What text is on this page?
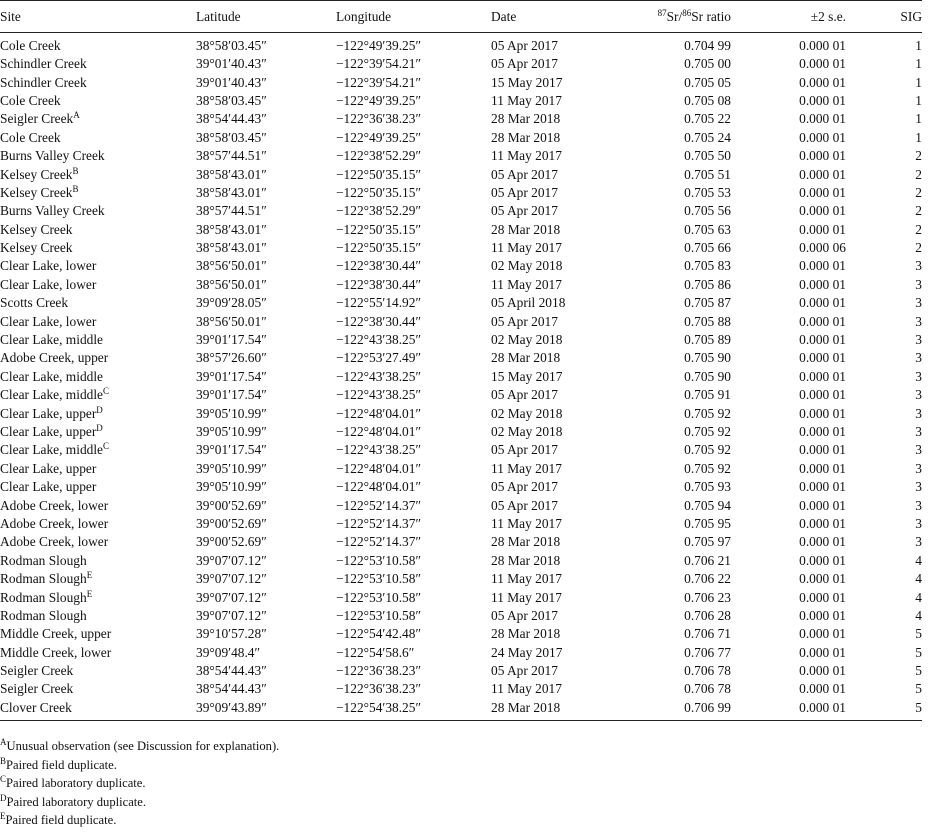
Site	Latitude	Longitude	Date	$^{87}$Sr/$^{86}$Sr ratio	±2 s.e.	SIG
Cole Creek	38°58′03.45″	−122°49′39.25″	05 Apr 2017	0.704 99	0.000 01	1
Schindler Creek	39°01′40.43″	−122°39′54.21″	05 Apr 2017	0.705 00	0.000 01	1
Schindler Creek	39°01′40.43″	−122°39′54.21″	15 May 2017	0.705 05	0.000 01	1
Cole Creek	38°58′03.45″	−122°49′39.25″	11 May 2017	0.705 08	0.000 01	1
Seigler Creek$^A$	38°54′44.43″	−122°36′38.23″	28 Mar 2018	0.705 22	0.000 01	1
Cole Creek	38°58′03.45″	−122°49′39.25″	28 Mar 2018	0.705 24	0.000 01	1
Burns Valley Creek	38°57′44.51″	−122°38′52.29″	11 May 2017	0.705 50	0.000 01	2
Kelsey Creek$^B$	38°58′43.01″	−122°50′35.15″	05 Apr 2017	0.705 51	0.000 01	2
Kelsey Creek$^B$	38°58′43.01″	−122°50′35.15″	05 Apr 2017	0.705 53	0.000 01	2
Burns Valley Creek	38°57′44.51″	−122°38′52.29″	05 Apr 2017	0.705 56	0.000 01	2
Kelsey Creek	38°58′43.01″	−122°50′35.15″	28 Mar 2018	0.705 63	0.000 01	2
Kelsey Creek	38°58′43.01″	−122°50′35.15″	11 May 2017	0.705 66	0.000 06	2
Clear Lake, lower	38°56′50.01″	−122°38′30.44″	02 May 2018	0.705 83	0.000 01	3
Clear Lake, lower	38°56′50.01″	−122°38′30.44″	11 May 2017	0.705 86	0.000 01	3
Scotts Creek	39°09′28.05″	−122°55′14.92″	05 April 2018	0.705 87	0.000 01	3
Clear Lake, lower	38°56′50.01″	−122°38′30.44″	05 Apr 2017	0.705 88	0.000 01	3
Clear Lake, middle	39°01′17.54″	−122°43′38.25″	02 May 2018	0.705 89	0.000 01	3
Adobe Creek, upper	38°57′26.60″	−122°53′27.49″	28 Mar 2018	0.705 90	0.000 01	3
Clear Lake, middle	39°01′17.54″	−122°43′38.25″	15 May 2017	0.705 90	0.000 01	3
Clear Lake, middle$^C$	39°01′17.54″	−122°43′38.25″	05 Apr 2017	0.705 91	0.000 01	3
Clear Lake, upper$^D$	39°05′10.99″	−122°48′04.01″	02 May 2018	0.705 92	0.000 01	3
Clear Lake, upper$^D$	39°05′10.99″	−122°48′04.01″	02 May 2018	0.705 92	0.000 01	3
Clear Lake, middle$^C$	39°01′17.54″	−122°43′38.25″	05 Apr 2017	0.705 92	0.000 01	3
Clear Lake, upper	39°05′10.99″	−122°48′04.01″	11 May 2017	0.705 92	0.000 01	3
Clear Lake, upper	39°05′10.99″	−122°48′04.01″	05 Apr 2017	0.705 93	0.000 01	3
Adobe Creek, lower	39°00′52.69″	−122°52′14.37″	05 Apr 2017	0.705 94	0.000 01	3
Adobe Creek, lower	39°00′52.69″	−122°52′14.37″	11 May 2017	0.705 95	0.000 01	3
Adobe Creek, lower	39°00′52.69″	−122°52′14.37″	28 Mar 2018	0.705 97	0.000 01	3
Rodman Slough	39°07′07.12″	−122°53′10.58″	28 Mar 2018	0.706 21	0.000 01	4
Rodman Slough$^E$	39°07′07.12″	−122°53′10.58″	11 May 2017	0.706 22	0.000 01	4
Rodman Slough$^E$	39°07′07.12″	−122°53′10.58″	11 May 2017	0.706 23	0.000 01	4
Rodman Slough	39°07′07.12″	−122°53′10.58″	05 Apr 2017	0.706 28	0.000 01	4
Middle Creek, upper	39°10′57.28″	−122°54′42.48″	28 Mar 2018	0.706 71	0.000 01	5
Middle Creek, lower	39°09′48.4″	−122°54′58.6″	24 May 2017	0.706 77	0.000 01	5
Seigler Creek	38°54′44.43″	−122°36′38.23″	05 Apr 2017	0.706 78	0.000 01	5
Seigler Creek	38°54′44.43″	−122°36′38.23″	11 May 2017	0.706 78	0.000 01	5
Clover Creek	39°09′43.89″	−122°54′38.25″	28 Mar 2018	0.706 99	0.000 01	5
$^A$Unusual observation (see Discussion for explanation).
$^B$Paired field duplicate.
$^C$Paired laboratory duplicate.
$^D$Paired laboratory duplicate.
$^E$Paired field duplicate.
